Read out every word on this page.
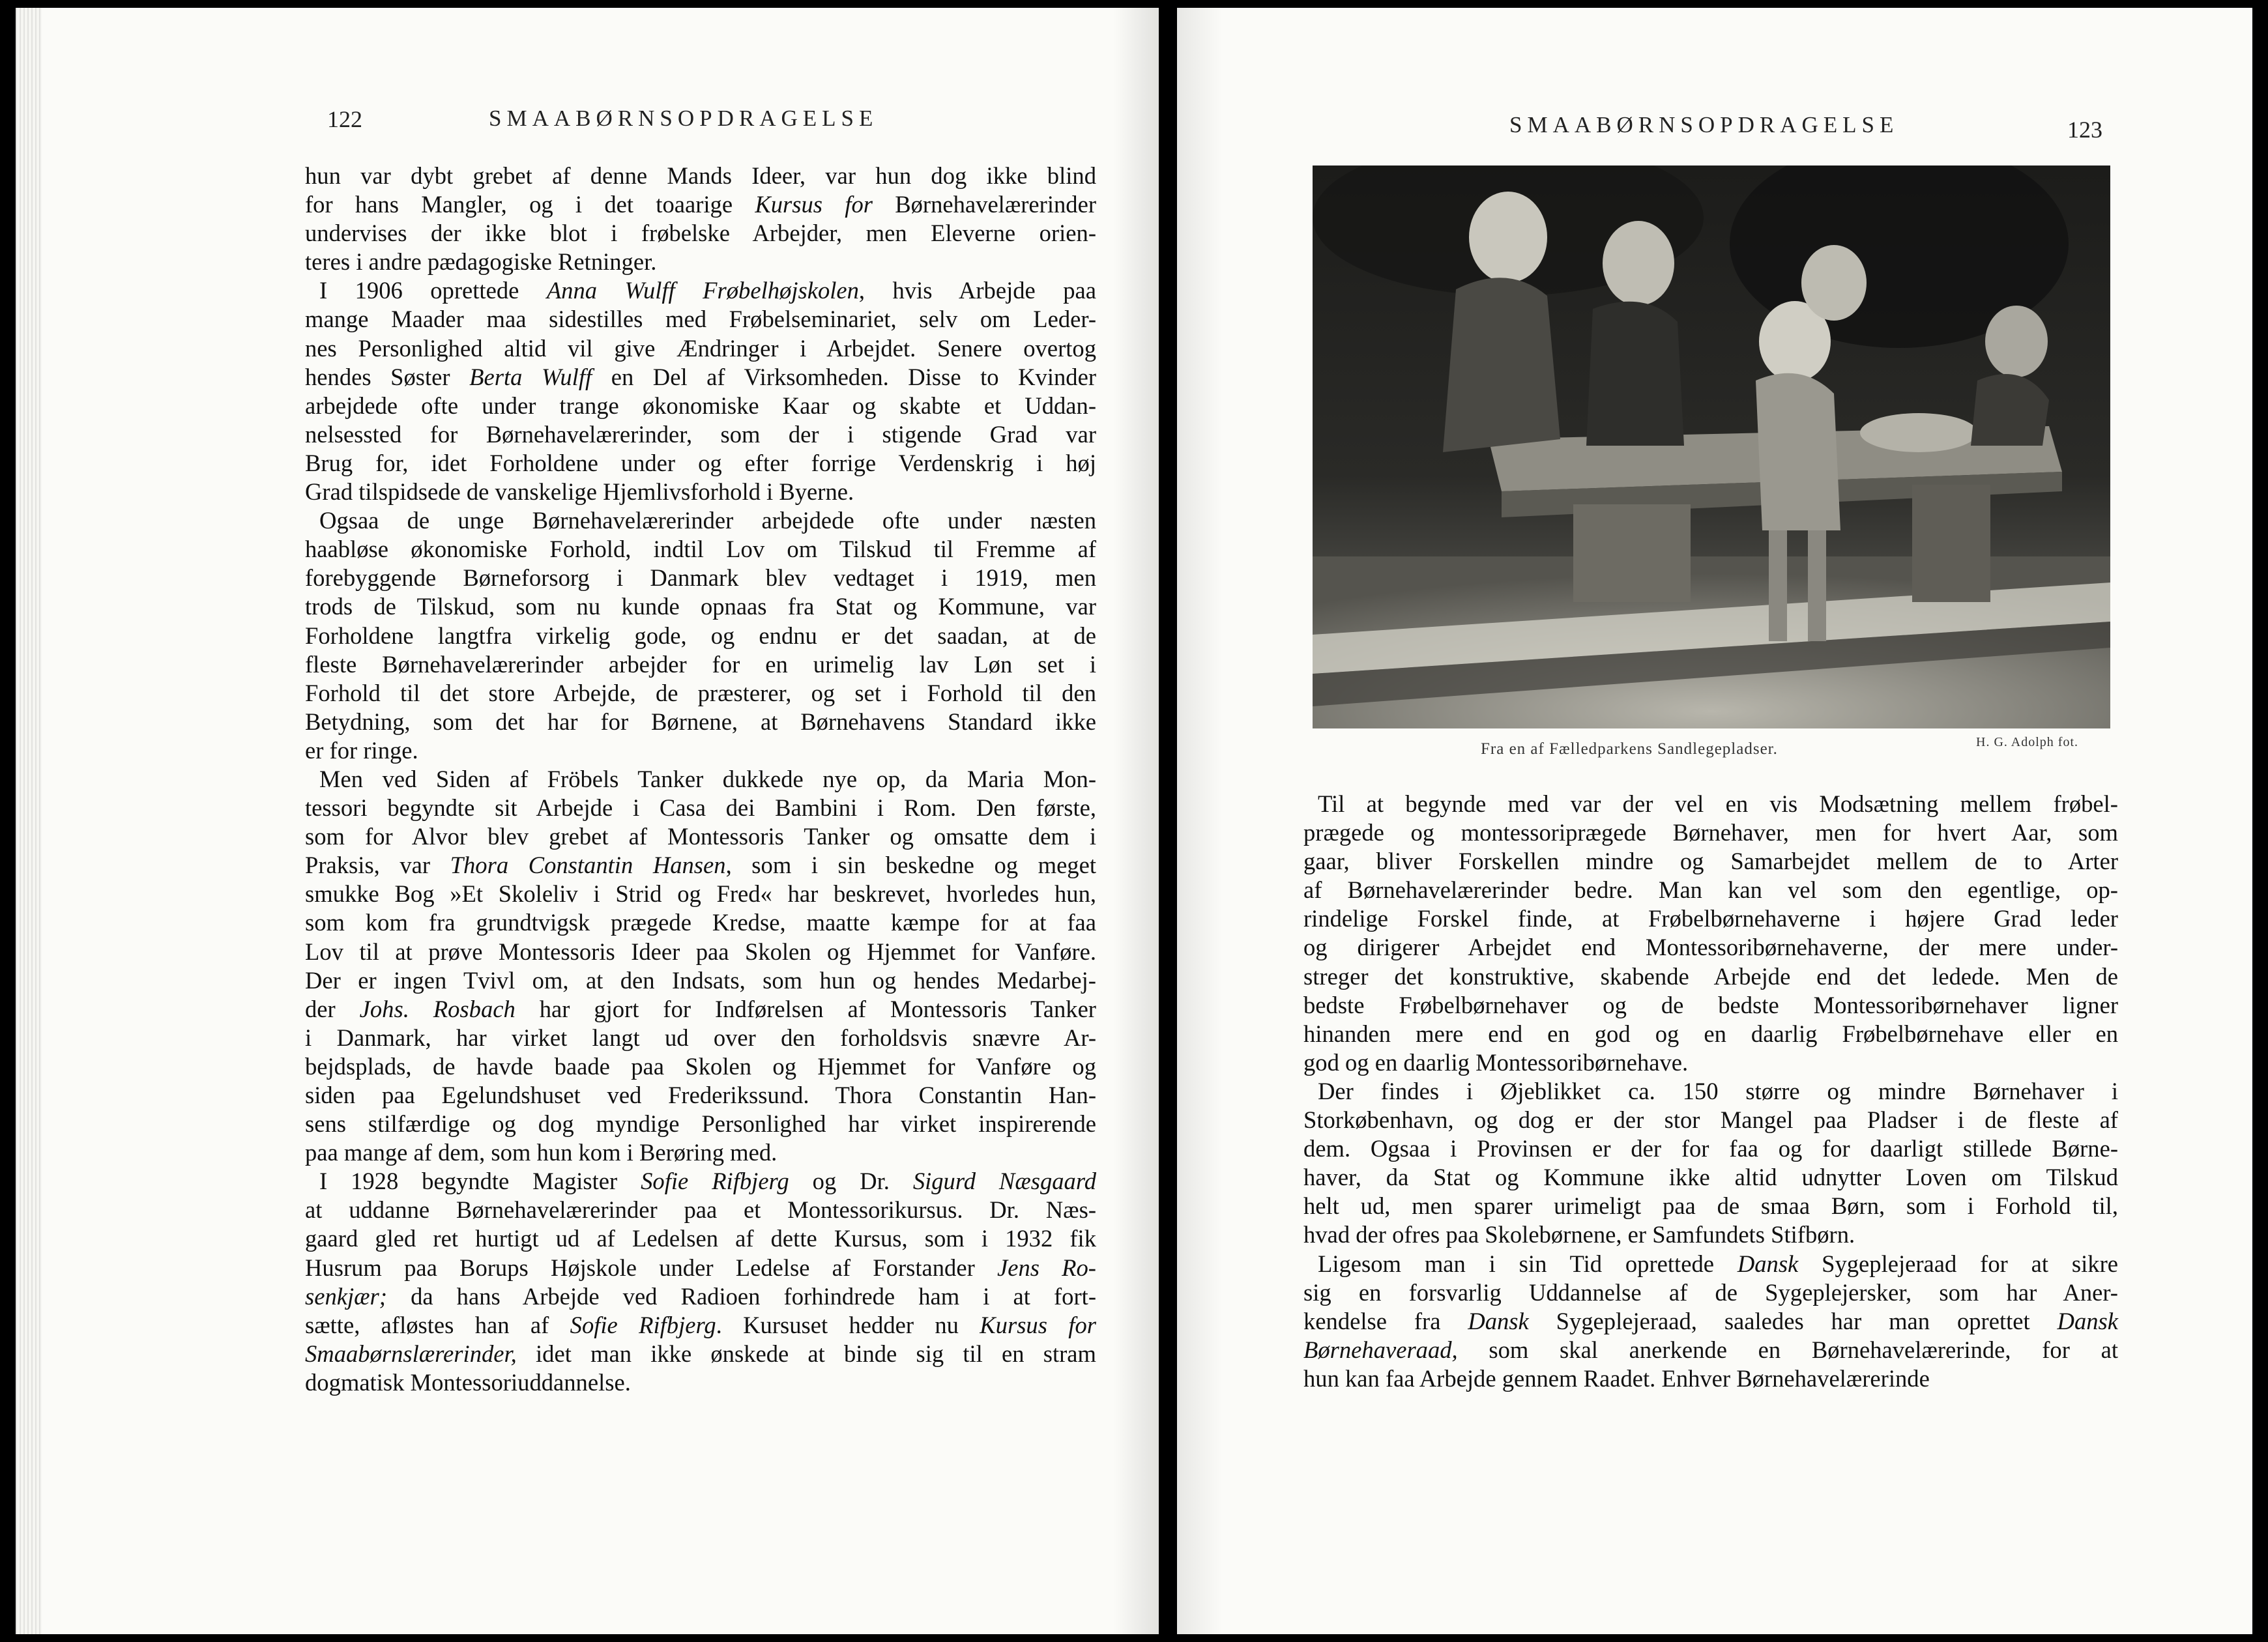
122	SMAABØRNSOPDRAGELSE
hun var dybt grebet af denne Mands Ideer, var hun dog ikke blind
for hans Mangler, og i det toaarige Kursus for Børnehavelærerinder
undervises der ikke blot i frøbelske Arbejder, men Eleverne orien-
teres i andre pædagogiske Retninger.
I 1906 oprettede Anna Wulff Frøbelhøjskolen, hvis Arbejde paa
mange Maader maa sidestilles med Frøbelseminariet, selv om Leder-
nes Personlighed altid vil give Ændringer i Arbejdet. Senere overtog
hendes Søster Berta Wulff en Del af Virksomheden. Disse to Kvinder
arbejdede ofte under trange økonomiske Kaar og skabte et Uddan-
nelsessted for Børnehavelærerinder, som der i stigende Grad var
Brug for, idet Forholdene under og efter forrige Verdenskrig i høj
Grad tilspidsede de vanskelige Hjemlivsforhold i Byerne.
Ogsaa de unge Børnehavelærerinder arbejdede ofte under næsten
haabløse økonomiske Forhold, indtil Lov om Tilskud til Fremme af
forebyggende Børneforsorg i Danmark blev vedtaget i 1919, men
trods de Tilskud, som nu kunde opnaas fra Stat og Kommune, var
Forholdene langtfra virkelig gode, og endnu er det saadan, at de
fleste Børnehavelærerinder arbejder for en urimelig lav Løn set i
Forhold til det store Arbejde, de præsterer, og set i Forhold til den
Betydning, som det har for Børnene, at Børnehavens Standard ikke
er for ringe.
Men ved Siden af Fröbels Tanker dukkede nye op, da Maria Mon-
tessori begyndte sit Arbejde i Casa dei Bambini i Rom. Den første,
som for Alvor blev grebet af Montessoris Tanker og omsatte dem i
Praksis, var Thora Constantin Hansen, som i sin beskedne og meget
smukke Bog »Et Skoleliv i Strid og Fred« har beskrevet, hvorledes hun,
som kom fra grundtvigsk prægede Kredse, maatte kæmpe for at faa
Lov til at prøve Montessoris Ideer paa Skolen og Hjemmet for Vanføre.
Der er ingen Tvivl om, at den Indsats, som hun og hendes Medarbej-
der Johs. Rosbach har gjort for Indførelsen af Montessoris Tanker
i Danmark, har virket langt ud over den forholdsvis snævre Ar-
bejdsplads, de havde baade paa Skolen og Hjemmet for Vanføre og
siden paa Egelundshuset ved Frederikssund. Thora Constantin Han-
sens stilfærdige og dog myndige Personlighed har virket inspirerende
paa mange af dem, som hun kom i Berøring med.
I 1928 begyndte Magister Sofie Rifbjerg og Dr. Sigurd Næsgaard
at uddanne Børnehavelærerinder paa et Montessorikursus. Dr. Næs-
gaard gled ret hurtigt ud af Ledelsen af dette Kursus, som i 1932 fik
Husrum paa Borups Højskole under Ledelse af Forstander Jens Ro-
senkjær; da hans Arbejde ved Radioen forhindrede ham i at fort-
sætte, afløstes han af Sofie Rifbjerg. Kursuset hedder nu Kursus for
Smaabørnslærerinder, idet man ikke ønskede at binde sig til en stram
dogmatisk Montessoriuddannelse.
SMAABØRNSOPDRAGELSE	123
Fra en af Fælledparkens Sandlegepladser.	H. G. Adolph fot.
Til at begynde med var der vel en vis Modsætning mellem frøbel-
prægede og montessoriprægede Børnehaver, men for hvert Aar, som
gaar, bliver Forskellen mindre og Samarbejdet mellem de to Arter
af Børnehavelærerinder bedre. Man kan vel som den egentlige, op-
rindelige Forskel finde, at Frøbelbørnehaverne i højere Grad leder
og dirigerer Arbejdet end Montessoribørnehaverne, der mere under-
streger det konstruktive, skabende Arbejde end det ledede. Men de
bedste Frøbelbørnehaver og de bedste Montessoribørnehaver ligner
hinanden mere end en god og en daarlig Frøbelbørnehave eller en
god og en daarlig Montessoribørnehave.
Der findes i Øjeblikket ca. 150 større og mindre Børnehaver i
Storkøbenhavn, og dog er der stor Mangel paa Pladser i de fleste af
dem. Ogsaa i Provinsen er der for faa og for daarligt stillede Børne-
haver, da Stat og Kommune ikke altid udnytter Loven om Tilskud
helt ud, men sparer urimeligt paa de smaa Børn, som i Forhold til,
hvad der ofres paa Skolebørnene, er Samfundets Stifbørn.
Ligesom man i sin Tid oprettede Dansk Sygeplejeraad for at sikre
sig en forsvarlig Uddannelse af de Sygeplejersker, som har Aner-
kendelse fra Dansk Sygeplejeraad, saaledes har man oprettet Dansk
Børnehaveraad, som skal anerkende en Børnehavelærerinde, for at
hun kan faa Arbejde gennem Raadet. Enhver Børnehavelærerinde
